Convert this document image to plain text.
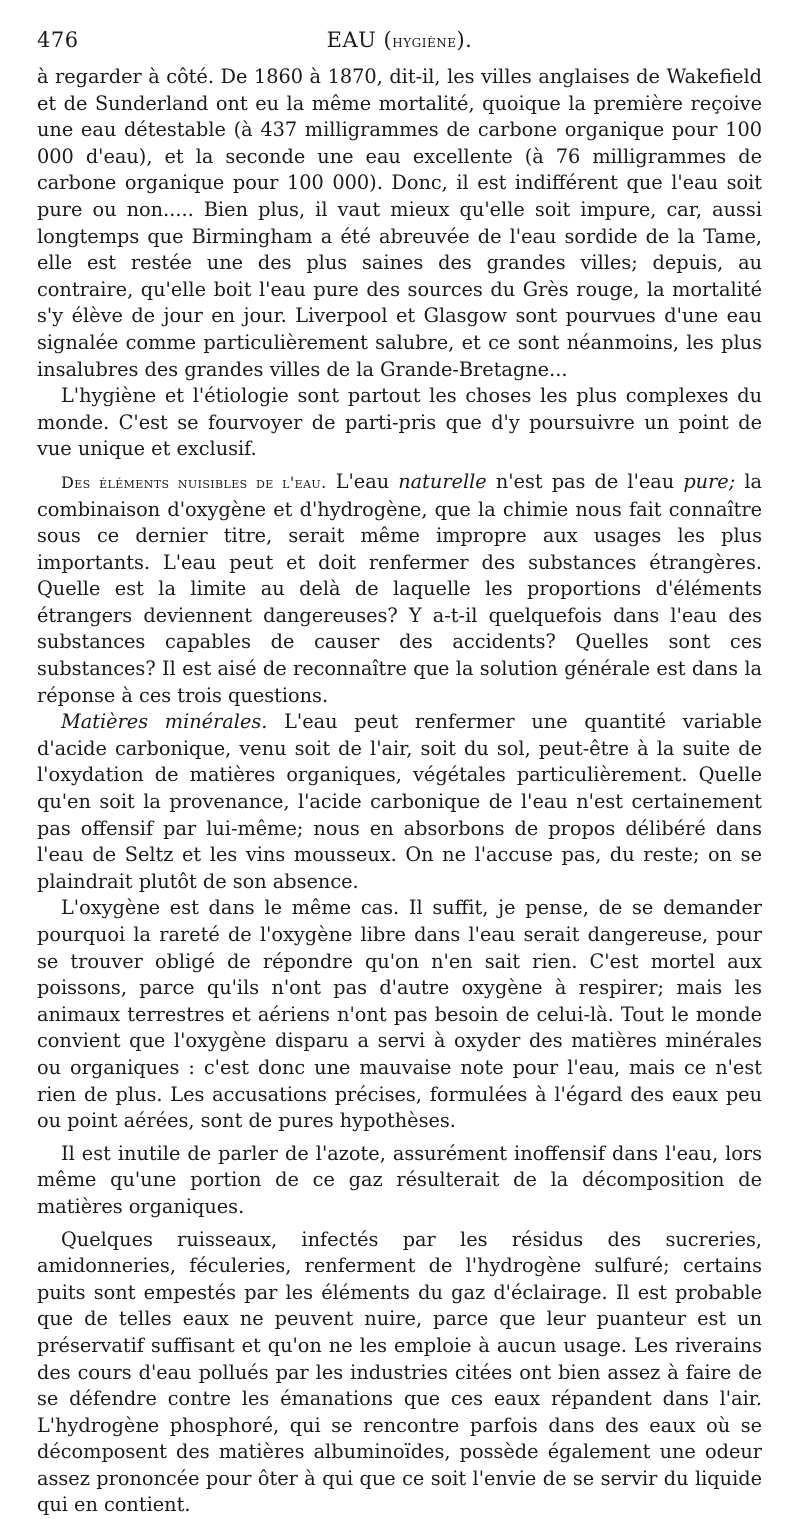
476	EAU (hygiène).

à regarder à côté. De 1860 à 1870, dit-il, les villes anglaises de Wakefield et de Sunderland ont eu la même mortalité, quoique la première reçoive une eau détestable (à 437 milligrammes de carbone organique pour 100 000 d'eau), et la seconde une eau excellente (à 76 milligrammes de carbone organique pour 100 000). Donc, il est indifférent que l'eau soit pure ou non..... Bien plus, il vaut mieux qu'elle soit impure, car, aussi longtemps que Birmingham a été abreuvée de l'eau sordide de la Tame, elle est restée une des plus saines des grandes villes; depuis, au contraire, qu'elle boit l'eau pure des sources du Grès rouge, la mortalité s'y élève de jour en jour. Liverpool et Glasgow sont pourvues d'une eau signalée comme particulièrement salubre, et ce sont néanmoins, les plus insalubres des grandes villes de la Grande-Bretagne...

L'hygiène et l'étiologie sont partout les choses les plus complexes du monde. C'est se fourvoyer de parti-pris que d'y poursuivre un point de vue unique et exclusif.

Des éléments nuisibles de l'eau. L'eau naturelle n'est pas de l'eau pure; la combinaison d'oxygène et d'hydrogène, que la chimie nous fait connaître sous ce dernier titre, serait même impropre aux usages les plus importants. L'eau peut et doit renfermer des substances étrangères. Quelle est la limite au delà de laquelle les proportions d'éléments étrangers deviennent dangereuses? Y a-t-il quelquefois dans l'eau des substances capables de causer des accidents? Quelles sont ces substances? Il est aisé de reconnaître que la solution générale est dans la réponse à ces trois questions.

Matières minérales. L'eau peut renfermer une quantité variable d'acide carbonique, venu soit de l'air, soit du sol, peut-être à la suite de l'oxydation de matières organiques, végétales particulièrement. Quelle qu'en soit la provenance, l'acide carbonique de l'eau n'est certainement pas offensif par lui-même; nous en absorbons de propos délibéré dans l'eau de Seltz et les vins mousseux. On ne l'accuse pas, du reste; on se plaindrait plutôt de son absence.

L'oxygène est dans le même cas. Il suffit, je pense, de se demander pourquoi la rareté de l'oxygène libre dans l'eau serait dangereuse, pour se trouver obligé de répondre qu'on n'en sait rien. C'est mortel aux poissons, parce qu'ils n'ont pas d'autre oxygène à respirer; mais les animaux terrestres et aériens n'ont pas besoin de celui-là. Tout le monde convient que l'oxygène disparu a servi à oxyder des matières minérales ou organiques : c'est donc une mauvaise note pour l'eau, mais ce n'est rien de plus. Les accusations précises, formulées à l'égard des eaux peu ou point aérées, sont de pures hypothèses.

Il est inutile de parler de l'azote, assurément inoffensif dans l'eau, lors même qu'une portion de ce gaz résulterait de la décomposition de matières organiques.

Quelques ruisseaux, infectés par les résidus des sucreries, amidonneries, féculeries, renferment de l'hydrogène sulfuré; certains puits sont empestés par les éléments du gaz d'éclairage. Il est probable que de telles eaux ne peuvent nuire, parce que leur puanteur est un préservatif suffisant et qu'on ne les emploie à aucun usage. Les riverains des cours d'eau pollués par les industries citées ont bien assez à faire de se défendre contre les émanations que ces eaux répandent dans l'air. L'hydrogène phosphoré, qui se rencontre parfois dans des eaux où se décomposent des matières albuminoïdes, possède également une odeur assez prononcée pour ôter à qui que ce soit l'envie de se servir du liquide qui en contient.
